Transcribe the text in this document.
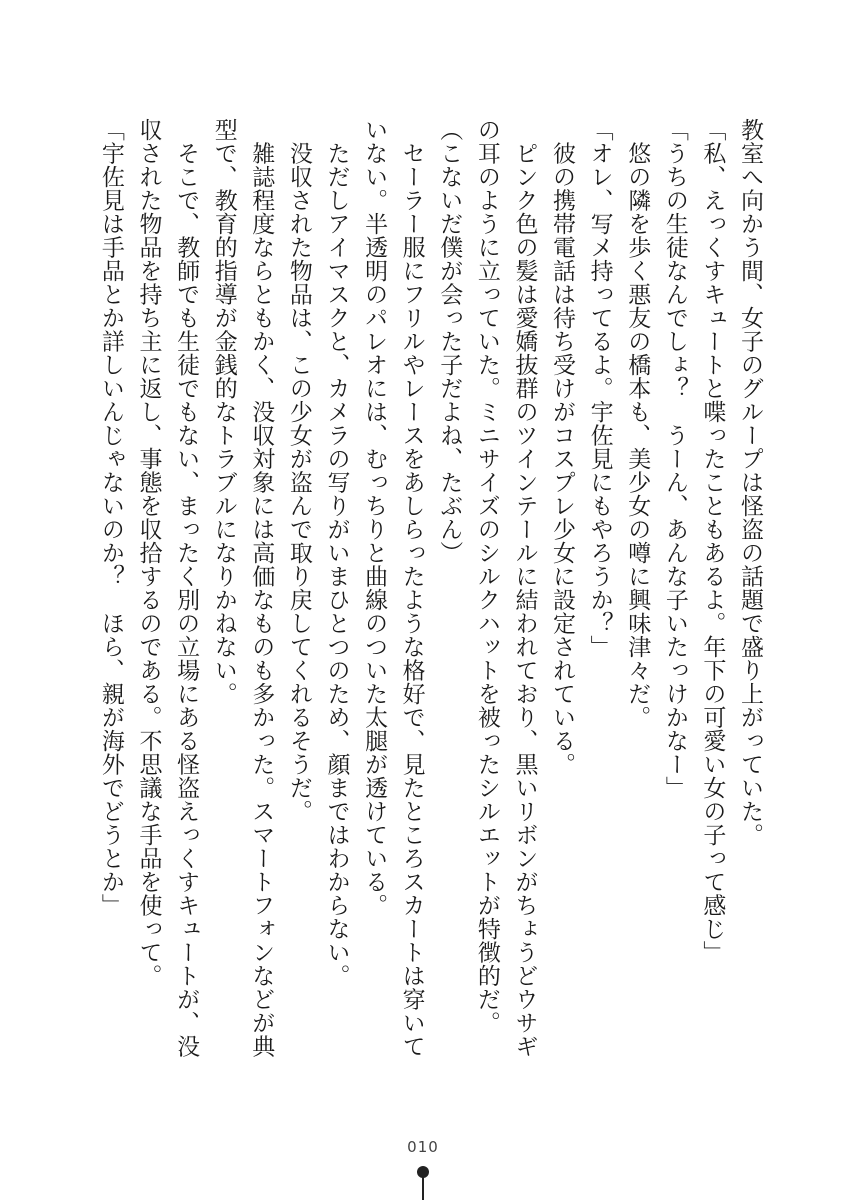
教室へ向かう間、女子のグループは怪盗の話題で盛り上がっていた。

「私、えっくすキュートと喋ったこともあるよ。年下の可愛い女の子って感じ」

「うちの生徒なんでしょ？　うーん、あんな子いたっけかなー」

　悠の隣を歩く悪友の橋本も、美少女の噂に興味津々だ。

「オレ、写メ持ってるよ。宇佐見にもやろうか？」

　彼の携帯電話は待ち受けがコスプレ少女に設定されている。

　ピンク色の髪は愛嬌抜群のツインテールに結われており、黒いリボンがちょうどウサギ

の耳のように立っていた。ミニサイズのシルクハットを被ったシルエットが特徴的だ。

（こないだ僕が会った子だよね、たぶん）

　セーラー服にフリルやレースをあしらったような格好で、見たところスカートは穿いて

いない。半透明のパレオには、むっちりと曲線のついた太腿が透けている。

　ただしアイマスクと、カメラの写りがいまひとつのため、顔まではわからない。

　没収された物品は、この少女が盗んで取り戻してくれるそうだ。

　雑誌程度ならともかく、没収対象には高価なものも多かった。スマートフォンなどが典

型で、教育的指導が金銭的なトラブルになりかねない。

　そこで、教師でも生徒でもない、まったく別の立場にある怪盗えっくすキュートが、没

収された物品を持ち主に返し、事態を収拾するのである。不思議な手品を使って。

「宇佐見は手品とか詳しいんじゃないのか？　ほら、親が海外でどうとか」

010
